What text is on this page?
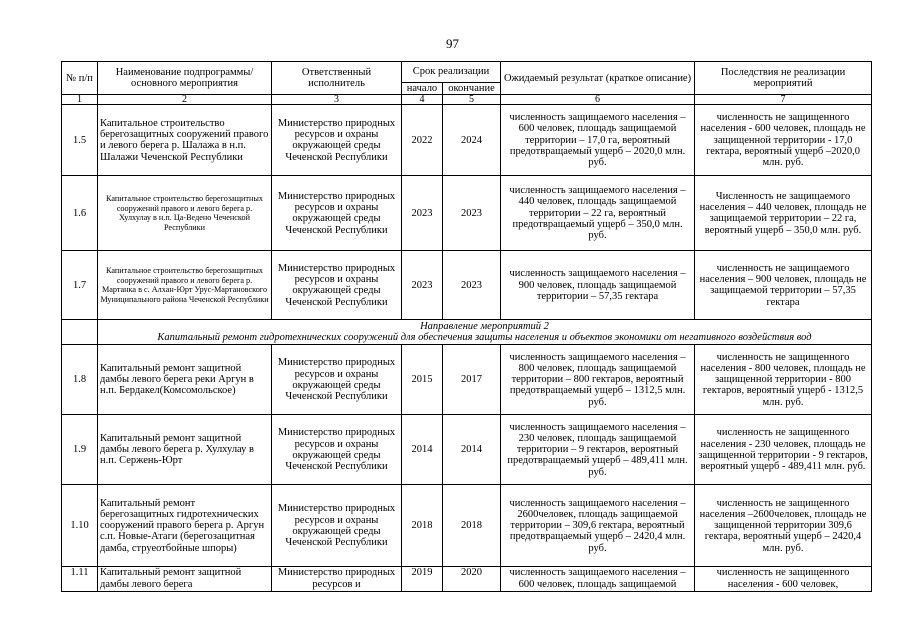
97
№ п/п	Наименование подпрограммы/ основного мероприятия	Ответственный исполнитель	Срок реализации		Ожидаемый результат (краткое описание)	Последствия не реализации мероприятий
			начало	окончание		
1	2	3	4	5	6	7
1.5	Капитальное строительство берегозащитных сооружений правого и левого берега р. Шалажа в н.п. Шалажи Чеченской Республики	Министерство природных ресурсов и охраны окружающей среды Чеченской Республики	2022	2024	численность защищаемого населения – 600 человек, площадь защищаемой территории – 17,0 га, вероятный предотвращаемый ущерб – 2020,0 млн. руб.	численность не защищенного населения - 600 человек, площадь не защищенной территории - 17,0 гектара, вероятный ущерб –2020,0 млн. руб.
1.6	Капитальное строительство берегозащитных сооружений правого и левого берега р. Хулхулау в н.п. Ца-Ведено Чеченской Республики	Министерство природных ресурсов и охраны окружающей среды Чеченской Республики	2023	2023	численность защищаемого населения – 440 человек, площадь защищаемой территории – 22 га, вероятный предотвращаемый ущерб – 350,0 млн. руб.	Численность не защищаемого населения – 440 человек, площадь не защищаемой территории – 22 га, вероятный ущерб – 350,0 млн. руб.
1.7	Капитальное строительство берегозащитных сооружений правого и левого берега р. Мартанка в с. Алхан-Юрт Урус-Мартановского Муниципального района Чеченской Республики	Министерство природных ресурсов и охраны окружающей среды Чеченской Республики	2023	2023	численность защищаемого населения – 900 человек, площадь защищаемой территории – 57,35 гектара	численность не защищаемого населения – 900 человек, площадь не защищаемой территории – 57,35 гектара

	Направление мероприятий 2
Капитальный ремонт гидротехнических сооружений для обеспечения защиты населения и объектов экономики от негативного воздействия вод					

1.8	Капитальный ремонт защитной дамбы левого берега реки Аргун в н.п. Бердакел(Комсомольское)	Министерство природных ресурсов и охраны окружающей среды Чеченской Республики	2015	2017	численность защищаемого населения – 800 человек, площадь защищаемой территории – 800 гектаров, вероятный предотвращаемый ущерб – 1312,5 млн. руб.	численность не защищенного населения - 800 человек, площадь не защищенной территории - 800 гектаров, вероятный ущерб - 1312,5 млн. руб.
1.9	Капитальный ремонт защитной дамбы левого берега р. Хулхулау в н.п. Сержень-Юрт	Министерство природных ресурсов и охраны окружающей среды Чеченской Республики	2014	2014	численность защищаемого населения – 230 человек, площадь защищаемой территории – 9 гектаров, вероятный предотвращаемый ущерб – 489,411 млн. руб.	численность не защищенного населения - 230 человек, площадь не защищенной территории - 9 гектаров, вероятный ущерб - 489,411 млн. руб.
1.10	Капитальный ремонт берегозащитных гидротехнических сооружений правого берега р. Аргун с.п. Новые-Атаги (берегозащитная дамба, струеотбойные шпоры)	Министерство природных ресурсов и охраны окружающей среды Чеченской Республики	2018	2018	численность защищаемого населения – 2600человек, площадь защищаемой территории – 309,6 гектара, вероятный предотвращаемый ущерб – 2420,4 млн. руб.	численность не защищенного населения –2600человек, площадь не защищенной территории 309,6 гектара, вероятный ущерб – 2420,4 млн. руб.
1.11	Капитальный ремонт защитной дамбы левого берега	Министерство природных ресурсов и	2019	2020	численность защищаемого населения – 600 человек, площадь защищаемой	численность не защищенного населения - 600 человек,
